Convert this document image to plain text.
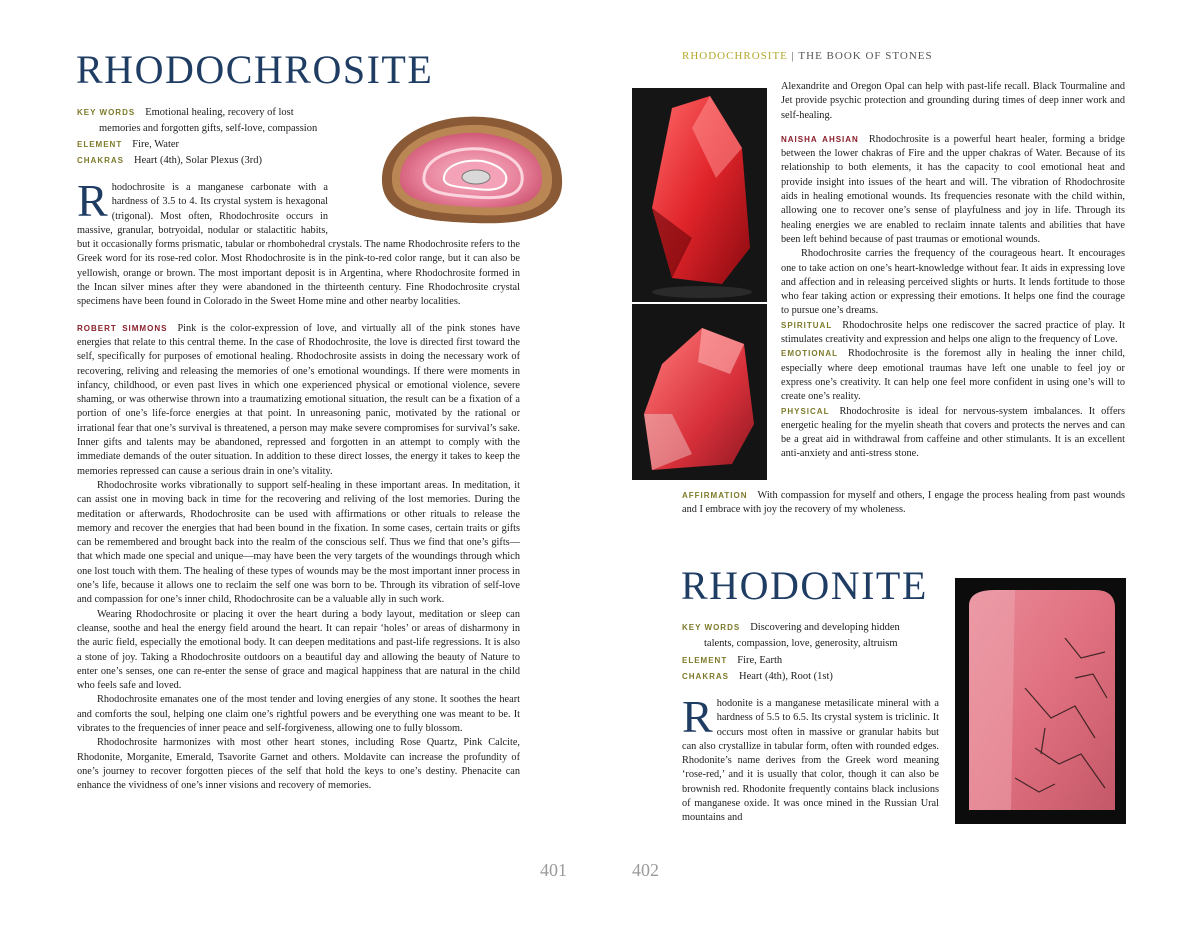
RHODOCHROSITE
KEY WORDS Emotional healing, recovery of lost
memories and forgotten gifts, self-love, compassion
ELEMENT Fire, Water
CHAKRAS Heart (4th), Solar Plexus (3rd)

Rhodochrosite is a manganese carbonate with a hardness of 3.5 to 4. Its crystal system is hexagonal (trigonal). Most often, Rhodochrosite occurs in massive, granular, botryoidal, nodular or stalactitic habits, but it occasionally forms prismatic, tabular or rhombohedral crystals. The name Rhodochrosite refers to the Greek word for its rose-red color. Most Rhodochrosite is in the pink-to-red color range, but it can also be yellowish, orange or brown. The most important deposit is in Argentina, where Rhodochrosite formed in the Incan silver mines after they were abandoned in the thirteenth century. Fine Rhodochrosite crystal specimens have been found in Colorado in the Sweet Home mine and other nearby localities.

ROBERT SIMMONS Pink is the color-expression of love, and virtually all of the pink stones have energies that relate to this central theme. In the case of Rhodochrosite, the love is directed first toward the self, specifically for purposes of emotional healing. Rhodochrosite assists in doing the necessary work of recovering, reliving and releasing the memories of one’s emotional woundings. If there were moments in infancy, childhood, or even past lives in which one experienced physical or emotional violence, severe shaming, or was otherwise thrown into a traumatizing emotional situation, the result can be a fixation of a portion of one’s life-force energies at that point. In unreasoning panic, motivated by the rational or irrational fear that one’s survival is threatened, a person may make severe compromises for survival’s sake. Inner gifts and talents may be abandoned, repressed and forgotten in an attempt to comply with the immediate demands of the outer situation. In addition to these direct losses, the energy it takes to keep the memories repressed can cause a serious drain in one’s vitality.

Rhodochrosite works vibrationally to support self-healing in these important areas. In meditation, it can assist one in moving back in time for the recovering and reliving of the lost memories. During the meditation or afterwards, Rhodochrosite can be used with affirmations or other rituals to release the memory and recover the energies that had been bound in the fixation. In some cases, certain traits or gifts can be remembered and brought back into the realm of the conscious self. Thus we find that one’s gifts—that which made one special and unique—may have been the very targets of the woundings through which one lost touch with them. The healing of these types of wounds may be the most important inner process in one’s life, because it allows one to reclaim the self one was born to be. Through its vibration of self-love and compassion for one’s inner child, Rhodochrosite can be a valuable ally in such work.

Wearing Rhodochrosite or placing it over the heart during a body layout, meditation or sleep can cleanse, soothe and heal the energy field around the heart. It can repair ‘holes’ or areas of disharmony in the auric field, especially the emotional body. It can deepen meditations and past-life regressions. It is also a stone of joy. Taking a Rhodochrosite outdoors on a beautiful day and allowing the beauty of Nature to enter one’s senses, one can re-enter the sense of grace and magical happiness that are natural in the child who feels safe and loved.

Rhodochrosite emanates one of the most tender and loving energies of any stone. It soothes the heart and comforts the soul, helping one claim one’s rightful powers and be everything one was meant to be. It vibrates to the frequencies of inner peace and self-forgiveness, allowing one to fully blossom.

Rhodochrosite harmonizes with most other heart stones, including Rose Quartz, Pink Calcite, Rhodonite, Morganite, Emerald, Tsavorite Garnet and others. Moldavite can increase the profundity of one’s journey to recover forgotten pieces of the self that hold the keys to one’s destiny. Phenacite can enhance the vividness of one’s inner visions and recovery of memories.

401
RHODOCHROSITE | THE BOOK OF STONES

Alexandrite and Oregon Opal can help with past-life recall. Black Tourmaline and Jet provide psychic protection and grounding during times of deep inner work and self-healing.

NAISHA AHSIAN Rhodochrosite is a powerful heart healer, forming a bridge between the lower chakras of Fire and the upper chakras of Water. Because of its relationship to both elements, it has the capacity to cool emotional heat and provide insight into issues of the heart and will. The vibration of Rhodochrosite aids in healing emotional wounds. Its frequencies resonate with the child within, allowing one to recover one’s sense of playfulness and joy in life. Through its healing energies we are enabled to reclaim innate talents and abilities that have been left behind because of past traumas or emotional wounds.

Rhodochrosite carries the frequency of the courageous heart. It encourages one to take action on one’s heart-knowledge without fear. It aids in expressing love and affection and in releasing perceived slights or hurts. It lends fortitude to those who fear taking action or expressing their emotions. It helps one find the courage to pursue one’s dreams.

SPIRITUAL Rhodochrosite helps one rediscover the sacred practice of play. It stimulates creativity and expression and helps one align to the frequency of Love.

EMOTIONAL Rhodochrosite is the foremost ally in healing the inner child, especially where deep emotional traumas have left one unable to feel joy or express one’s creativity. It can help one feel more confident in using one’s will to create one’s reality.

PHYSICAL Rhodochrosite is ideal for nervous-system imbalances. It offers energetic healing for the myelin sheath that covers and protects the nerves and can be a great aid in withdrawal from caffeine and other stimulants. It is an excellent anti-anxiety and anti-stress stone.

AFFIRMATION With compassion for myself and others, I engage the process healing from past wounds and I embrace with joy the recovery of my wholeness.

RHODONITE
KEY WORDS Discovering and developing hidden
talents, compassion, love, generosity, altruism
ELEMENT Fire, Earth
CHAKRAS Heart (4th), Root (1st)

Rhodonite is a manganese metasilicate mineral with a hardness of 5.5 to 6.5. Its crystal system is triclinic. It occurs most often in massive or granular habits but can also crystallize in tabular form, often with rounded edges. Rhodonite’s name derives from the Greek word meaning ‘rose-red,’ and it is usually that color, though it can also be brownish red. Rhodonite frequently contains black inclusions of manganese oxide. It was once mined in the Russian Ural mountains and

402
